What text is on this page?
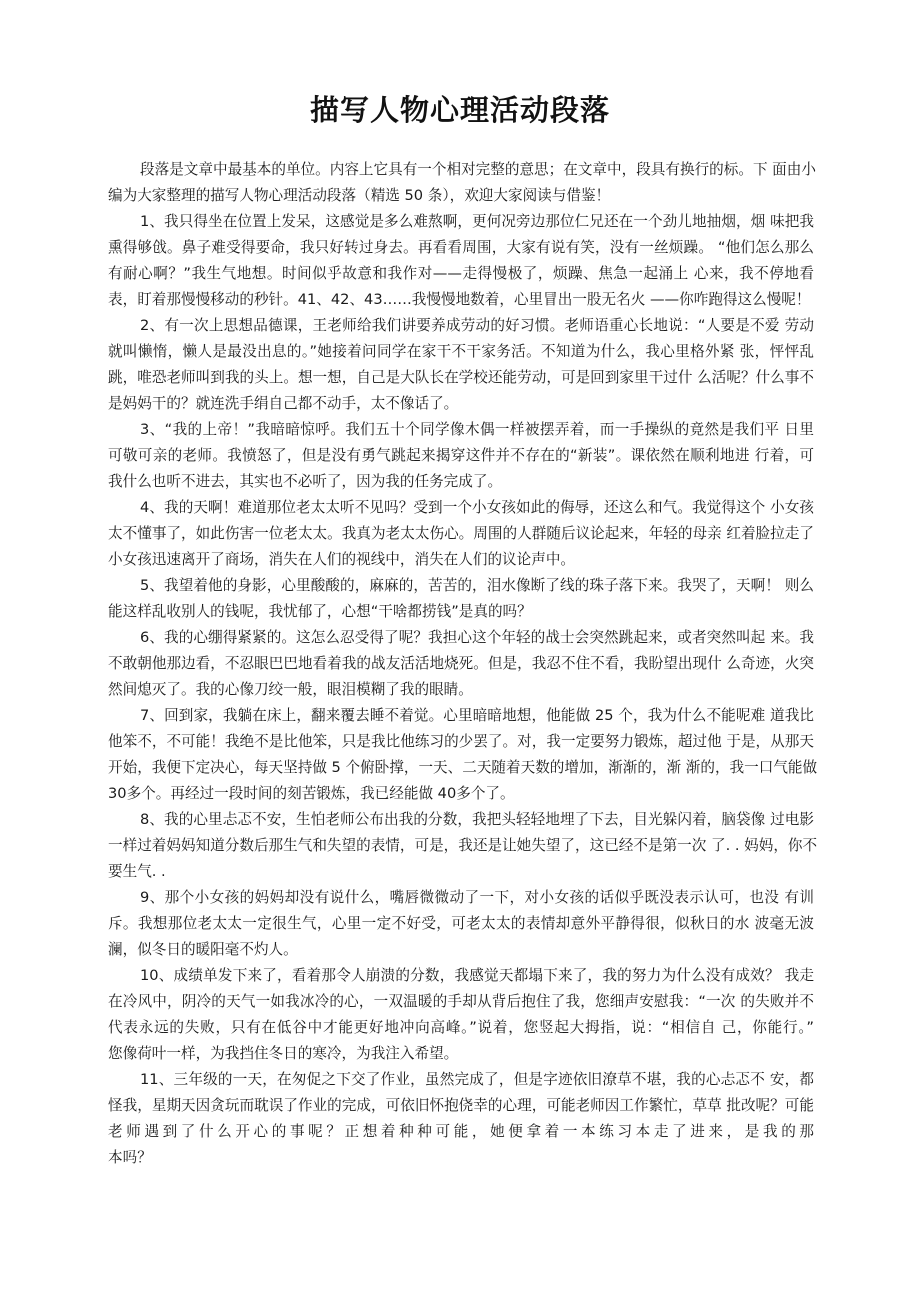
描写人物心理活动段落
段落是文章中最基本的单位。内容上它具有一个相对完整的意思；在文章中，段具有换行的标。下 面由小
编为大家整理的描写人物心理活动段落（精选 50 条），欢迎大家阅读与借鉴！
1、我只得坐在位置上发呆，这感觉是多么难熬啊，更何况旁边那位仁兄还在一个劲儿地抽烟，烟 味把我
熏得够戗。鼻子难受得要命，我只好转过身去。再看看周围，大家有说有笑，没有一丝烦躁。 “他们怎么那么
有耐心啊？”我生气地想。时间似乎故意和我作对——走得慢极了，烦躁、焦急一起涌上 心来，我不停地看
表，盯着那慢慢移动的秒针。41、42、43……我慢慢地数着，心里冒出一股无名火 ——你咋跑得这么慢呢！
2、有一次上思想品德课，王老师给我们讲要养成劳动的好习惯。老师语重心长地说：“人要是不爱 劳动
就叫懒惰，懒人是最没出息的。”她接着问同学在家干不干家务活。不知道为什么，我心里格外紧 张，怦怦乱
跳，唯恐老师叫到我的头上。想一想，自己是大队长在学校还能劳动，可是回到家里干过什 么活呢？什么事不
是妈妈干的？就连洗手绢自己都不动手，太不像话了。
3、“我的上帝！”我暗暗惊呼。我们五十个同学像木偶一样被摆弄着，而一手操纵的竟然是我们平 日里
可敬可亲的老师。我愤怒了，但是没有勇气跳起来揭穿这件并不存在的“新装”。课依然在顺利地进 行着，可
我什么也听不进去，其实也不必听了，因为我的任务完成了。
4、我的天啊！难道那位老太太听不见吗？受到一个小女孩如此的侮辱，还这么和气。我觉得这个 小女孩
太不懂事了，如此伤害一位老太太。我真为老太太伤心。周围的人群随后议论起来，年轻的母亲 红着脸拉走了
小女孩迅速离开了商场，消失在人们的视线中，消失在人们的议论声中。
5、我望着他的身影，心里酸酸的，麻麻的，苦苦的，泪水像断了线的珠子落下来。我哭了，天啊！ 则么
能这样乱收别人的钱呢，我忧郁了，心想“干啥都捞钱”是真的吗？
6、我的心绷得紧紧的。这怎么忍受得了呢？我担心这个年轻的战士会突然跳起来，或者突然叫起 来。我
不敢朝他那边看，不忍眼巴巴地看着我的战友活活地烧死。但是，我忍不住不看，我盼望出现什 么奇迹，火突
然间熄灭了。我的心像刀绞一般，眼泪模糊了我的眼睛。
7、回到家，我躺在床上，翻来覆去睡不着觉。心里暗暗地想，他能做 25 个，我为什么不能呢难 道我比
他笨不，不可能！我绝不是比他笨，只是我比他练习的少罢了。对，我一定要努力锻炼，超过他 于是，从那天
开始，我便下定决心，每天坚持做 5 个俯卧撑，一天、二天随着天数的增加，渐渐的，渐 渐的，我一口气能做
30多个。再经过一段时间的刻苦锻炼，我已经能做 40多个了。
8、我的心里忐忑不安，生怕老师公布出我的分数，我把头轻轻地埋了下去，目光躲闪着，脑袋像 过电影
一样过着妈妈知道分数后那生气和失望的表情，可是，我还是让她失望了，这已经不是第一次 了. . 妈妈，你不
要生气. .
9、那个小女孩的妈妈却没有说什么，嘴唇微微动了一下，对小女孩的话似乎既没表示认可，也没 有训
斥。我想那位老太太一定很生气，心里一定不好受，可老太太的表情却意外平静得很，似秋日的水 波毫无波
澜，似冬日的暖阳毫不灼人。
10、成绩单发下来了，看着那令人崩溃的分数，我感觉天都塌下来了，我的努力为什么没有成效？ 我走
在冷风中，阴冷的天气一如我冰冷的心，一双温暖的手却从背后抱住了我，您细声安慰我：“一次 的失败并不
代表永远的失败，只有在低谷中才能更好地冲向高峰。”说着，您竖起大拇指，说：“相信自 己，你能行。”
您像荷叶一样，为我挡住冬日的寒冷，为我注入希望。
11、三年级的一天，在匆促之下交了作业，虽然完成了，但是字迹依旧潦草不堪，我的心忐忑不 安，都
怪我，星期天因贪玩而耽误了作业的完成，可依旧怀抱侥幸的心理，可能老师因工作繁忙，草草 批改呢？可能
老师遇到了什么开心的事呢？正想着种种可能，她便拿着一本练习本走了进来，是我的那
本吗？
